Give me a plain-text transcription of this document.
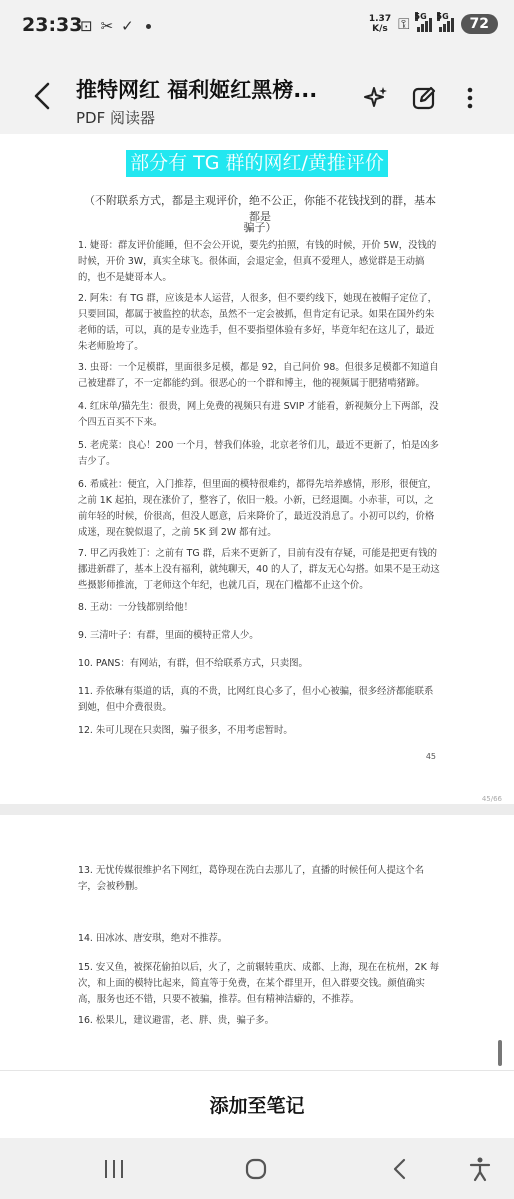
23:33
⊡ ✂ ✓	1.37
K/s ⚿ 5G 5G	72
推特网红 福利姬红黑榜...
PDF 阅读器
部分有 TG 群的网红/黄推评价
（不附联系方式，都是主观评价，绝不公正，你能不花钱找到的群，基本都是
骗子）
1. 婕哥：群友评价能睡，但不会公开说，要先约拍照，有钱的时候，开价 5W，没钱的时候，开价 3W，真实全球飞。很体面，会退定金，但真不爱理人，感觉群是王动搞的，也不是婕哥本人。
2. 阿朱：有 TG 群，应该是本人运营，人很多，但不要约线下，她现在被帽子定位了，只要回国，都属于被监控的状态，虽然不一定会被抓，但肯定有记录。如果在国外约朱老师的话，可以，真的是专业选手，但不要指望体验有多好，毕竟年纪在这儿了，最近朱老师脸垮了。
3. 虫哥：一个足模群，里面很多足模，都是 92，自己问价 98。但很多足模都不知道自己被建群了，不一定都能约到。很恶心的一个群和博主，他的视频属于肥猪啃猪蹄。
4. 红床单/猫先生：很贵，网上免费的视频只有进 SVIP 才能看，新视频分上下两部，没个四五百买不下来。
5. 老虎菜：良心！200 一个月，替我们体验，北京老爷们儿，最近不更新了，怕是凶多吉少了。
6. 希威社：便宜，入门推荐，但里面的模特很难约，都得先培养感情，形形，很便宜，之前 1K 起拍，现在涨价了，整容了，依旧一般。小新，已经退圈。小赤菲，可以，之前年轻的时候，价很高，但没人愿意，后来降价了，最近没消息了。小初可以约，价格成迷，现在貌似退了，之前 5K 到 2W 都有过。
7. 甲乙丙我姓丁：之前有 TG 群，后来不更新了，目前有没有存疑，可能是把更有钱的挪进新群了，基本上没有福利，就纯聊天，40 的人了，群友无心勾搭。如果不是王动这些摄影师推流，丁老师这个年纪，也就几百，现在门槛都不止这个价。
8. 王动：一分钱都别给他！
9. 三清叶子：有群，里面的模特正常人少。
10. PANS：有网站，有群，但不给联系方式，只卖图。
11. 乔依琳有渠道的话，真的不贵，比网红良心多了，但小心被骗，很多经济都能联系到她，但中介费很贵。
12. 朱可儿现在只卖图，骗子很多，不用考虑暂时。
45
45/66
13. 无忧传媒很维护名下网红，葛铮现在洗白去那儿了，直播的时候任何人提这个名字，会被秒删。
14. 田冰冰、唐安琪，绝对不推荐。
15. 安又鱼，被探花偷拍以后，火了，之前辗转重庆、成都、上海，现在在杭州，2K 每次，和上面的模特比起来，简直等于免费，在某个群里开，但入群要交钱。颜值确实高，服务也还不错，只要不被骗，推荐。但有精神洁癖的，不推荐。
16. 松果儿，建议避雷，老、胖、贵，骗子多。
添加至笔记
